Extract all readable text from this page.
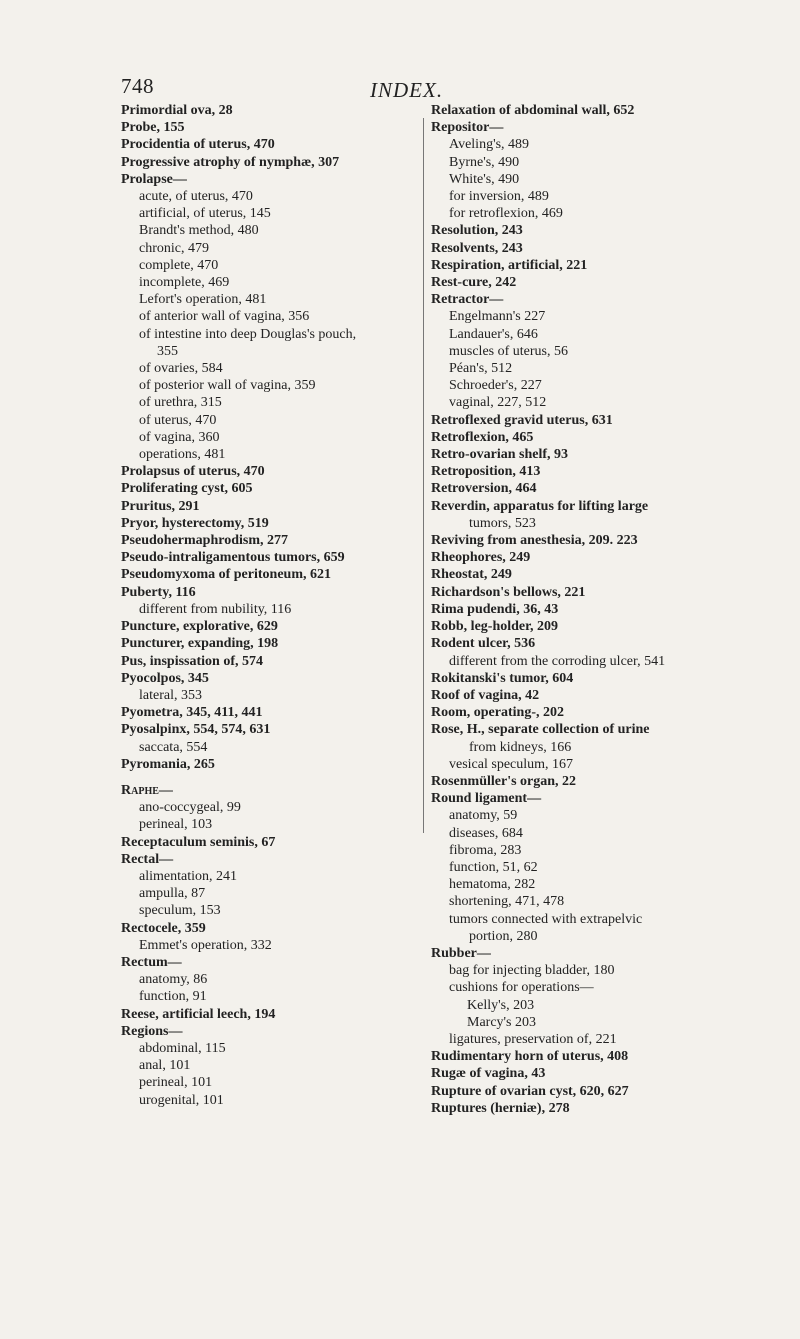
748	INDEX.
Primordial ova, 28
Probe, 155
Procidentia of uterus, 470
Progressive atrophy of nymphæ, 307
Prolapse—
acute, of uterus, 470
artificial, of uterus, 145
Brandt's method, 480
chronic, 479
complete, 470
incomplete, 469
Lefort's operation, 481
of anterior wall of vagina, 356
of intestine into deep Douglas's pouch,
355
of ovaries, 584
of posterior wall of vagina, 359
of urethra, 315
of uterus, 470
of vagina, 360
operations, 481
Prolapsus of uterus, 470
Proliferating cyst, 605
Pruritus, 291
Pryor, hysterectomy, 519
Pseudohermaphrodism, 277
Pseudo-intraligamentous tumors, 659
Pseudomyxoma of peritoneum, 621
Puberty, 116
different from nubility, 116
Puncture, explorative, 629
Puncturer, expanding, 198
Pus, inspissation of, 574
Pyocolpos, 345
lateral, 353
Pyometra, 345, 411, 441
Pyosalpinx, 554, 574, 631
saccata, 554
Pyromania, 265
Raphe—
ano-coccygeal, 99
perineal, 103
Receptaculum seminis, 67
Rectal—
alimentation, 241
ampulla, 87
speculum, 153
Rectocele, 359
Emmet's operation, 332
Rectum—
anatomy, 86
function, 91
Reese, artificial leech, 194
Regions—
abdominal, 115
anal, 101
perineal, 101
urogenital, 101
Relaxation of abdominal wall, 652
Repositor—
Aveling's, 489
Byrne's, 490
White's, 490
for inversion, 489
for retroflexion, 469
Resolution, 243
Resolvents, 243
Respiration, artificial, 221
Rest-cure, 242
Retractor—
Engelmann's 227
Landauer's, 646
muscles of uterus, 56
Péan's, 512
Schroeder's, 227
vaginal, 227, 512
Retroflexed gravid uterus, 631
Retroflexion, 465
Retro-ovarian shelf, 93
Retroposition, 413
Retroversion, 464
Reverdin, apparatus for lifting large
tumors, 523
Reviving from anesthesia, 209. 223
Rheophores, 249
Rheostat, 249
Richardson's bellows, 221
Rima pudendi, 36, 43
Robb, leg-holder, 209
Rodent ulcer, 536
different from the corroding ulcer, 541
Rokitanski's tumor, 604
Roof of vagina, 42
Room, operating-, 202
Rose, H., separate collection of urine
from kidneys, 166
vesical speculum, 167
Rosenmüller's organ, 22
Round ligament—
anatomy, 59
diseases, 684
fibroma, 283
function, 51, 62
hematoma, 282
shortening, 471, 478
tumors connected with extrapelvic
portion, 280
Rubber—
bag for injecting bladder, 180
cushions for operations—
Kelly's, 203
Marcy's 203
ligatures, preservation of, 221
Rudimentary horn of uterus, 408
Rugæ of vagina, 43
Rupture of ovarian cyst, 620, 627
Ruptures (herniæ), 278
